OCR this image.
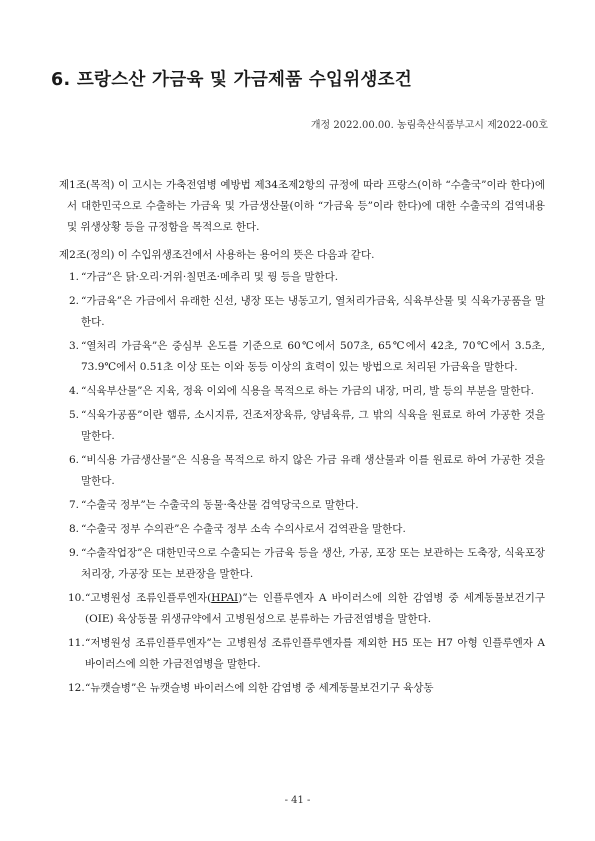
6. 프랑스산 가금육 및 가금제품 수입위생조건
개정 2022.00.00. 농림축산식품부고시 제2022-00호

제1조(목적) 이 고시는 가축전염병 예방법 제34조제2항의 규정에 따라 프랑스(이하 “수출국”이라 한다)에서 대한민국으로 수출하는 가금육 및 가금생산물(이하 “가금육 등”이라 한다)에 대한 수출국의 검역내용 및 위생상황 등을 규정함을 목적으로 한다.

제2조(정의) 이 수입위생조건에서 사용하는 용어의 뜻은 다음과 같다.

1. “가금”은 닭·오리·거위·칠면조·메추리 및 꿩 등을 말한다.
2. “가금육”은 가금에서 유래한 신선, 냉장 또는 냉동고기, 열처리가금육, 식육부산물 및 식육가공품을 말한다.
3. “열처리 가금육”은 중심부 온도를 기준으로 60℃에서 507초, 65℃에서 42초, 70℃에서 3.5초, 73.9℃에서 0.51초 이상 또는 이와 동등 이상의 효력이 있는 방법으로 처리된 가금육을 말한다.
4. “식육부산물”은 지육, 정육 이외에 식용을 목적으로 하는 가금의 내장, 머리, 발 등의 부분을 말한다.
5. “식육가공품”이란 햄류, 소시지류, 건조저장육류, 양념육류, 그 밖의 식육을 원료로 하여 가공한 것을 말한다.
6. “비식용 가금생산물”은 식용을 목적으로 하지 않은 가금 유래 생산물과 이를 원료로 하여 가공한 것을 말한다.
7. “수출국 정부”는 수출국의 동물·축산물 검역당국으로 말한다.
8. “수출국 정부 수의관”은 수출국 정부 소속 수의사로서 검역관을 말한다.
9. “수출작업장”은 대한민국으로 수출되는 가금육 등을 생산, 가공, 포장 또는 보관하는 도축장, 식육포장처리장, 가공장 또는 보관장을 말한다.
10. “고병원성 조류인플루엔자(HPAI)”는 인플루엔자 A 바이러스에 의한 감염병 중 세계동물보건기구(OIE) 육상동물 위생규약에서 고병원성으로 분류하는 가금전염병을 말한다.
11. “저병원성 조류인플루엔자”는 고병원성 조류인플루엔자를 제외한 H5 또는 H7 아형 인플루엔자 A 바이러스에 의한 가금전염병을 말한다.
12. “뉴캣슬병”은 뉴캣슬병 바이러스에 의한 감염병 중 세계동물보건기구 육상동
- 41 -
